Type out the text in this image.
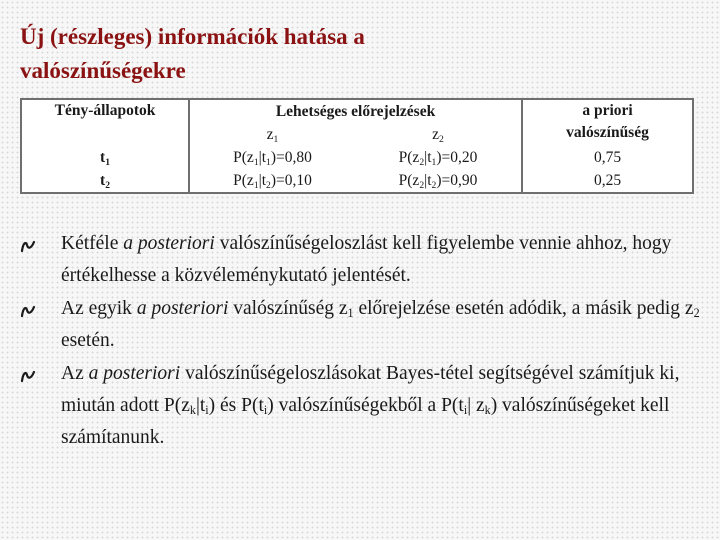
Új (részleges) információk hatása a
valószínűségekre
Tény-állapotok	Lehetséges előrejelzések		a priori
valószínűség

	$z_1$	$z_2$
$t_1$	$P(z_1|t_1)=0,80$	$P(z_2|t_1)=0,20$	0,75
$t_2$	$P(z_1|t_2)=0,10$	$P(z_2|t_2)=0,90$	0,25
Kétféle a posteriori valószínűségeloszlást kell figyelembe vennie ahhoz, hogy értékelhesse a közvéleménykutató jelentését.
Az egyik a posteriori valószínűség $z_1$ előrejelzése esetén adódik, a másik pedig $z_2$ esetén.
Az a posteriori valószínűségeloszlásokat Bayes-tétel segítségével számítjuk ki, miután adott $P(z_k|t_i)$ és $P(t_i)$ valószínűségekből a $P(t_i|$ $z_k$) valószínűségeket kell számítanunk.
